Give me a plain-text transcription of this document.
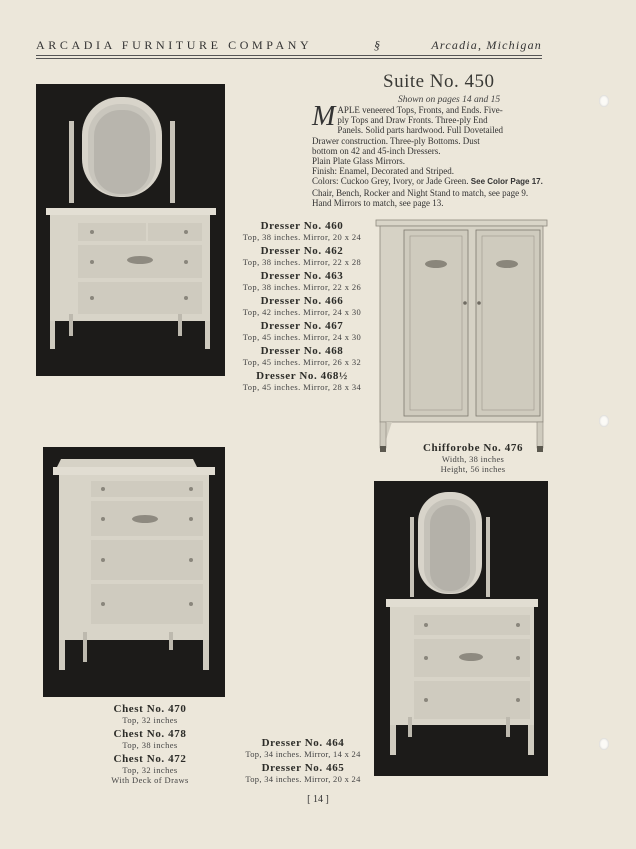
ARCADIA FURNITURE COMPANY	§	Arcadia, Michigan
Suite No. 450
Shown on pages 14 and 15
M APLE veneered Tops, Fronts, and Ends. Five-

ply Tops and Draw Fronts. Three-ply End

Panels. Solid parts hardwood. Full Dovetailed

Drawer construction. Three-ply Bottoms. Dust

bottom on 42 and 45-inch Dressers.

Plain Plate Glass Mirrors.

Finish: Enamel, Decorated and Striped.

Colors: Cuckoo Grey, Ivory, or Jade Green. See Color Page 17.

Chair, Bench, Rocker and Night Stand to match, see page 9.

Hand Mirrors to match, see page 13.

Dresser No. 460
Top, 38 inches. Mirror, 20 x 24
Dresser No. 462
Top, 38 inches. Mirror, 22 x 28
Dresser No. 463
Top, 38 inches. Mirror, 22 x 26
Dresser No. 466
Top, 42 inches. Mirror, 24 x 30
Dresser No. 467
Top, 45 inches. Mirror, 24 x 30
Dresser No. 468
Top, 45 inches. Mirror, 26 x 32
Dresser No. 468½
Top, 45 inches. Mirror, 28 x 34
Chifforobe No. 476
Width, 38 inches
Height, 56 inches
Chest No. 470
Top, 32 inches
Chest No. 478
Top, 38 inches
Chest No. 472
Top, 32 inches
With Deck of Draws
Dresser No. 464
Top, 34 inches. Mirror, 14 x 24
Dresser No. 465
Top, 34 inches. Mirror, 20 x 24
[ 14 ]
